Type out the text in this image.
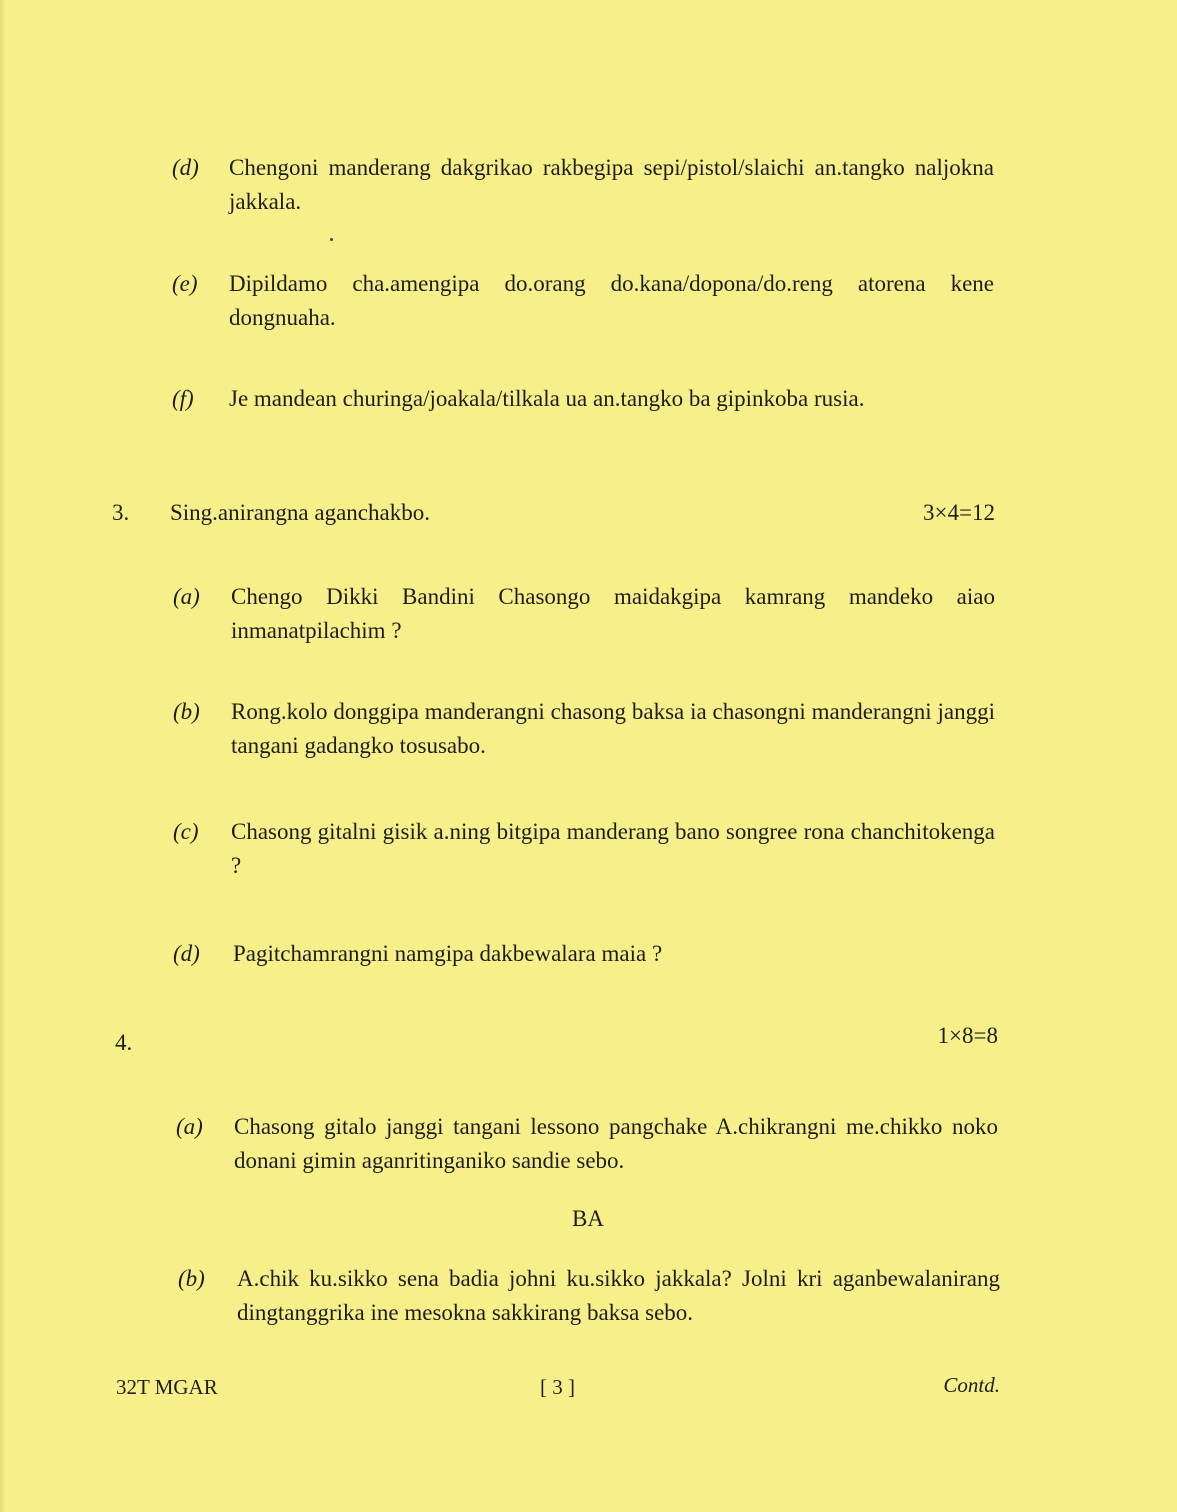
(d) Chengoni manderang dakgrikao rakbegipa sepi/pistol/slaichi an.tangko naljokna jakkala.
(e) Dipildamo cha.amengipa do.orang do.kana/dopona/do.reng atorena kene dongnuaha.
(f) Je mandean churinga/joakala/tilkala ua an.tangko ba gipinkoba rusia.
3. Sing.anirangna aganchakbo.	3×4=12
(a) Chengo Dikki Bandini Chasongo maidakgipa kamrang mandeko aiao inmanatpilachim ?
(b) Rong.kolo donggipa manderangni chasong baksa ia chasongni manderangni janggi tangani gadangko tosusabo.
(c) Chasong gitalni gisik a.ning bitgipa manderang bano songree rona chanchitokenga ?
(d) Pagitchamrangni namgipa dakbewalara maia ?
4.	1×8=8
(a) Chasong gitalo janggi tangani lessono pangchake A.chikrangni me.chikko noko donani gimin aganritinganiko sandie sebo.
BA
(b) A.chik ku.sikko sena badia johni ku.sikko jakkala? Jolni kri aganbewalanirang dingtanggrika ine mesokna sakkirang baksa sebo.
32T MGAR	[ 3 ]	Contd.
